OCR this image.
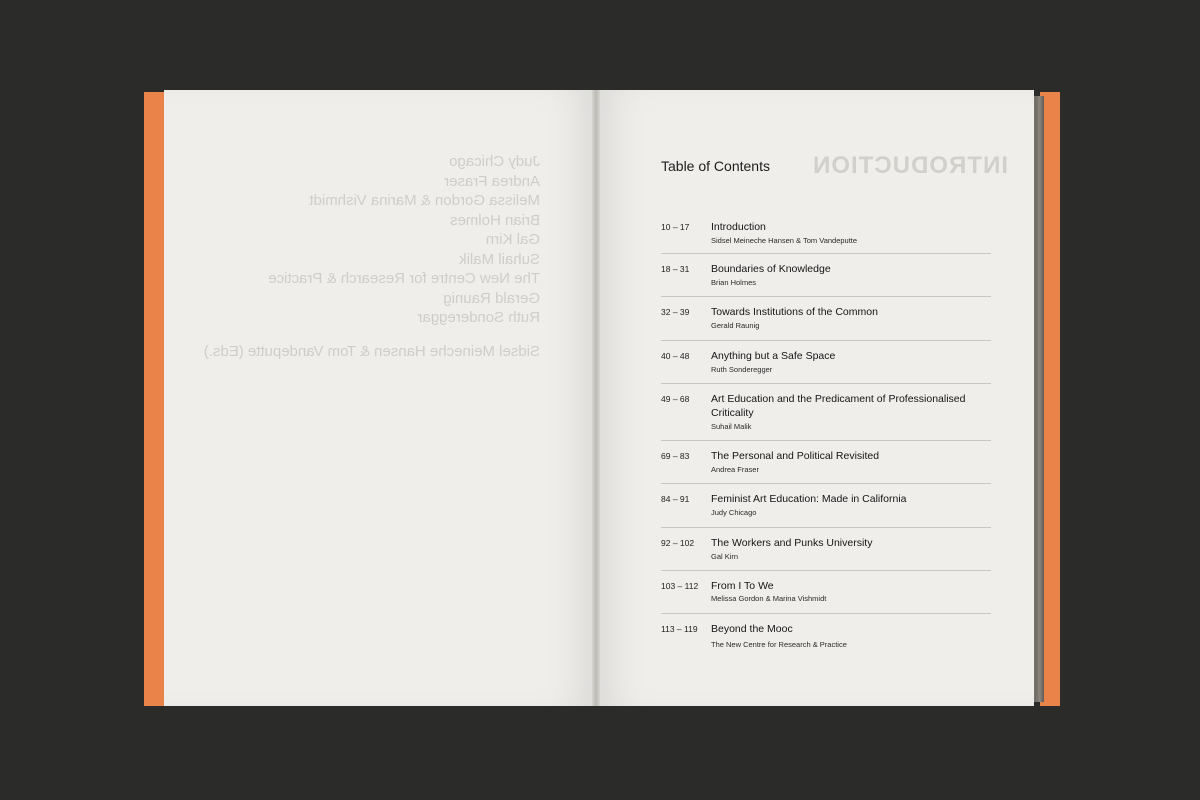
Judy Chicago
Andrea Fraser
Melissa Gordon & Marina Vishmidt
Brian Holmes
Gal Kirn
Suhail Malik
The New Centre for Research & Practice
Gerald Raunig
Ruth Sondereggar
Sidsel Meineche Hansen & Tom Vandeputte (Eds.)
INTRODUCTION
Table of Contents
10 – 17 Introduction
Sidsel Meineche Hansen & Tom Vandeputte
18 – 31 Boundaries of Knowledge
Brian Holmes
32 – 39 Towards Institutions of the Common
Gerald Raunig
40 – 48 Anything but a Safe Space
Ruth Sonderegger
49 – 68 Art Education and the Predicament of Professionalised Criticality
Suhail Malik
69 – 83 The Personal and Political Revisited
Andrea Fraser
84 – 91 Feminist Art Education: Made in California
Judy Chicago
92 – 102 The Workers and Punks University
Gal Kirn
103 – 112 From I To We
Melissa Gordon & Marina Vishmidt
113 – 119 Beyond the Mooc
The New Centre for Research & Practice
